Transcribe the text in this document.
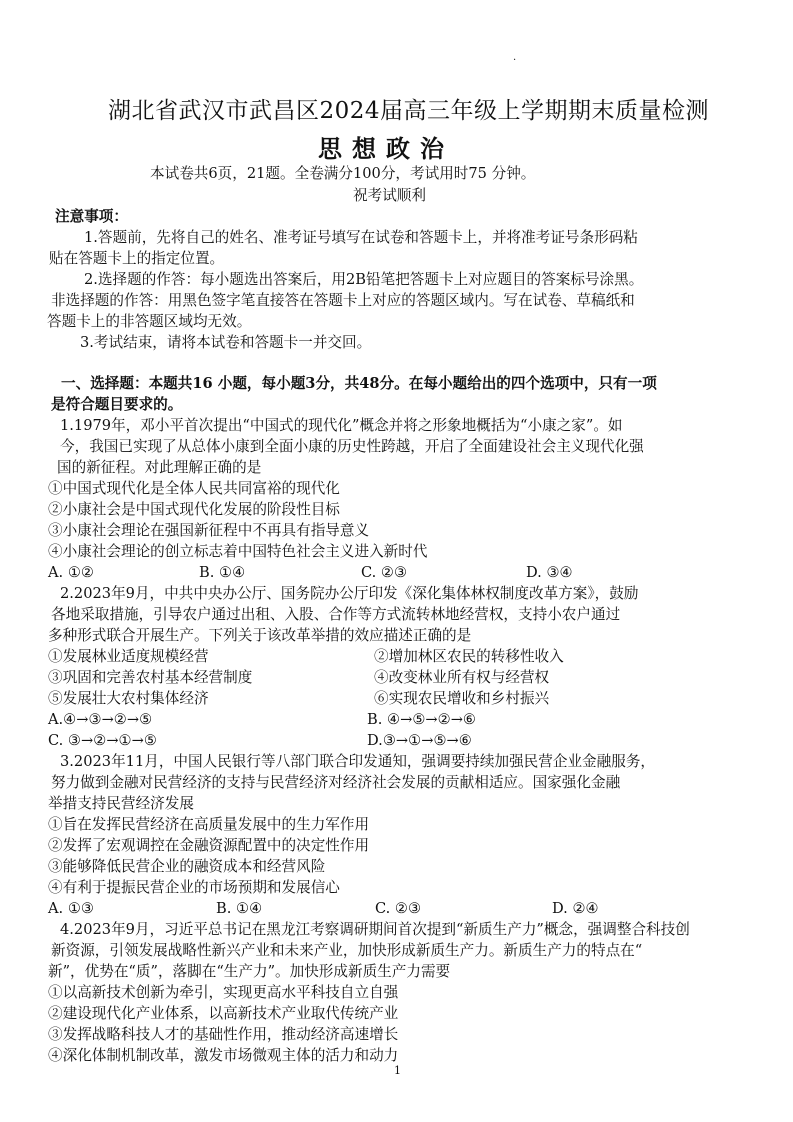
.
湖北省武汉市武昌区2024届高三年级上学期期末质量检测
思想政治
本试卷共6页，21题。全卷满分100分，考试用时75 分钟。
祝考试顺利
注意事项：
1.答题前，先将自己的姓名、准考证号填写在试卷和答题卡上，并将准考证号条形码粘
贴在答题卡上的指定位置。
2.选择题的作答：每小题选出答案后，用2B铅笔把答题卡上对应题目的答案标号涂黑。
非选择题的作答：用黑色签字笔直接答在答题卡上对应的答题区域内。写在试卷、草稿纸和
答题卡上的非答题区域均无效。
3.考试结束，请将本试卷和答题卡一并交回。
一、选择题：本题共16 小题，每小题3分，共48分。在每小题给出的四个选项中，只有一项
是符合题目要求的。
1.1979年，邓小平首次提出“中国式的现代化”概念并将之形象地概括为“小康之家”。如
今，我国已实现了从总体小康到全面小康的历史性跨越，开启了全面建设社会主义现代化强
国的新征程。对此理解正确的是
①中国式现代化是全体人民共同富裕的现代化
②小康社会是中国式现代化发展的阶段性目标
③小康社会理论在强国新征程中不再具有指导意义
④小康社会理论的创立标志着中国特色社会主义进入新时代
A. ①②	B. ①④	C. ②③	D. ③④
2.2023年9月，中共中央办公厅、国务院办公厅印发《深化集体林权制度改革方案》，鼓励
各地采取措施，引导农户通过出租、入股、合作等方式流转林地经营权，支持小农户通过
多种形式联合开展生产。下列关于该改革举措的效应描述正确的是
①发展林业适度规模经营	②增加林区农民的转移性收入
③巩固和完善农村基本经营制度	④改变林业所有权与经营权
⑤发展壮大农村集体经济	⑥实现农民增收和乡村振兴
A.④→③→②→⑤	B. ④→⑤→②→⑥
C. ③→②→①→⑤	D.③→①→⑤→⑥
3.2023年11月，中国人民银行等八部门联合印发通知，强调要持续加强民营企业金融服务，
努力做到金融对民营经济的支持与民营经济对经济社会发展的贡献相适应。国家强化金融
举措支持民营经济发展
①旨在发挥民营经济在高质量发展中的生力军作用
②发挥了宏观调控在金融资源配置中的决定性作用
③能够降低民营企业的融资成本和经营风险
④有利于提振民营企业的市场预期和发展信心
A. ①③	B. ①④	C. ②③	D. ②④
4.2023年9月，习近平总书记在黑龙江考察调研期间首次提到“新质生产力”概念，强调整合科技创
新资源，引领发展战略性新兴产业和未来产业，加快形成新质生产力。新质生产力的特点在“
新”，优势在“质”，落脚在“生产力”。加快形成新质生产力需要
①以高新技术创新为牵引，实现更高水平科技自立自强
②建设现代化产业体系，以高新技术产业取代传统产业
③发挥战略科技人才的基础性作用，推动经济高速增长
④深化体制机制改革，激发市场微观主体的活力和动力
1
